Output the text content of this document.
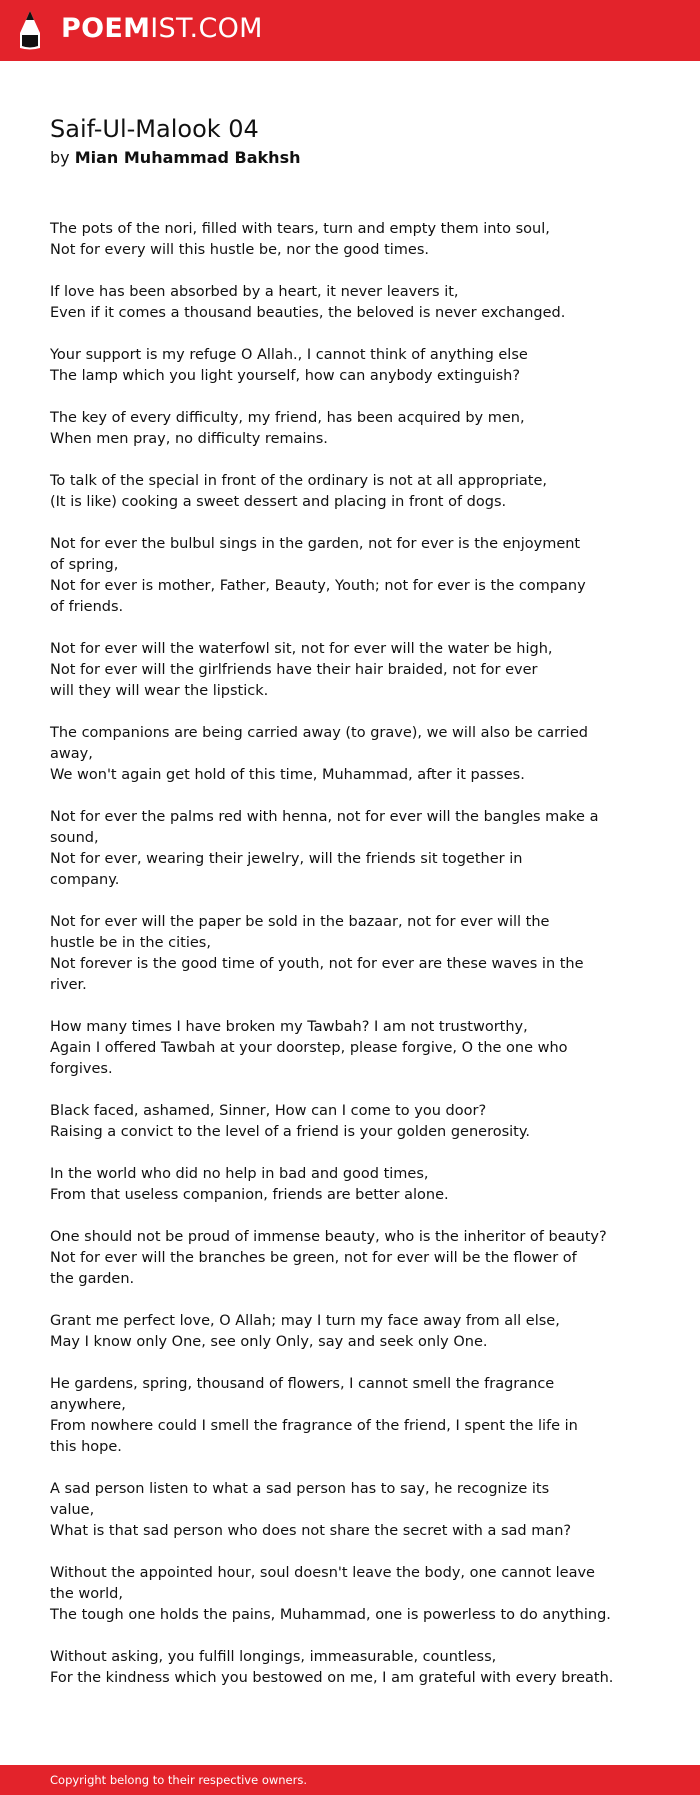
POEMIST.COM
Saif-Ul-Malook 04
by Mian Muhammad Bakhsh
The pots of the nori, filled with tears, turn and empty them into soul,
Not for every will this hustle be, nor the good times.
If love has been absorbed by a heart, it never leavers it,
Even if it comes a thousand beauties, the beloved is never exchanged.
Your support is my refuge O Allah., I cannot think of anything else
The lamp which you light yourself, how can anybody extinguish?
The key of every difficulty, my friend, has been acquired by men,
When men pray, no difficulty remains.
To talk of the special in front of the ordinary is not at all appropriate,
(It is like) cooking a sweet dessert and placing in front of dogs.
Not for ever the bulbul sings in the garden, not for ever is the enjoyment
of spring,
Not for ever is mother, Father, Beauty, Youth; not for ever is the company
of friends.
Not for ever will the waterfowl sit, not for ever will the water be high,
Not for ever will the girlfriends have their hair braided, not for ever
will they will wear the lipstick.
The companions are being carried away (to grave), we will also be carried
away,
We won't again get hold of this time, Muhammad, after it passes.
Not for ever the palms red with henna, not for ever will the bangles make a
sound,
Not for ever, wearing their jewelry, will the friends sit together in
company.
Not for ever will the paper be sold in the bazaar, not for ever will the
hustle be in the cities,
Not forever is the good time of youth, not for ever are these waves in the
river.
How many times I have broken my Tawbah? I am not trustworthy,
Again I offered Tawbah at your doorstep, please forgive, O the one who
forgives.
Black faced, ashamed, Sinner, How can I come to you door?
Raising a convict to the level of a friend is your golden generosity.
In the world who did no help in bad and good times,
From that useless companion, friends are better alone.
One should not be proud of immense beauty, who is the inheritor of beauty?
Not for ever will the branches be green, not for ever will be the flower of
the garden.
Grant me perfect love, O Allah; may I turn my face away from all else,
May I know only One, see only Only, say and seek only One.
He gardens, spring, thousand of flowers, I cannot smell the fragrance
anywhere,
From nowhere could I smell the fragrance of the friend, I spent the life in
this hope.
A sad person listen to what a sad person has to say, he recognize its
value,
What is that sad person who does not share the secret with a sad man?
Without the appointed hour, soul doesn't leave the body, one cannot leave
the world,
The tough one holds the pains, Muhammad, one is powerless to do anything.
Without asking, you fulfill longings, immeasurable, countless,
For the kindness which you bestowed on me, I am grateful with every breath.
Copyright belong to their respective owners.
